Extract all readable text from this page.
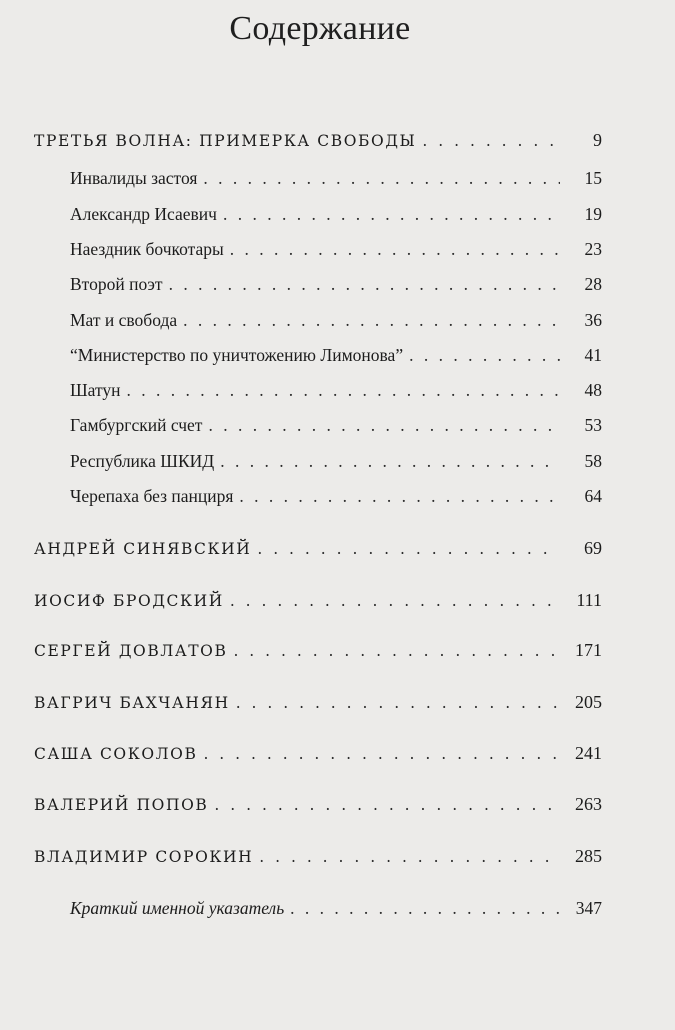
Содержание
ТРЕТЬЯ ВОЛНА: ПРИМЕРКА СВОБОДЫ . . .	9
Инвалиды застоя . . .	15
Александр Исаевич . . .	19
Наездник бочкотары . . .	23
Второй поэт . . .	28
Мат и свобода . . .	36
“Министерство по уничтожению Лимонова” . . .	41
Шатун . . .	48
Гамбургский счет . . .	53
Республика ШКИД . . .	58
Черепаха без панциря . . .	64
АНДРЕЙ СИНЯВСКИЙ . . .	69
ИОСИФ БРОДСКИЙ . . .	111
СЕРГЕЙ ДОВЛАТОВ . . .	171
ВАГРИЧ БАХЧАНЯН . . .	205
САША СОКОЛОВ . . .	241
ВАЛЕРИЙ ПОПОВ . . .	263
ВЛАДИМИР СОРОКИН . . .	285
Краткий именной указатель . . .	347
